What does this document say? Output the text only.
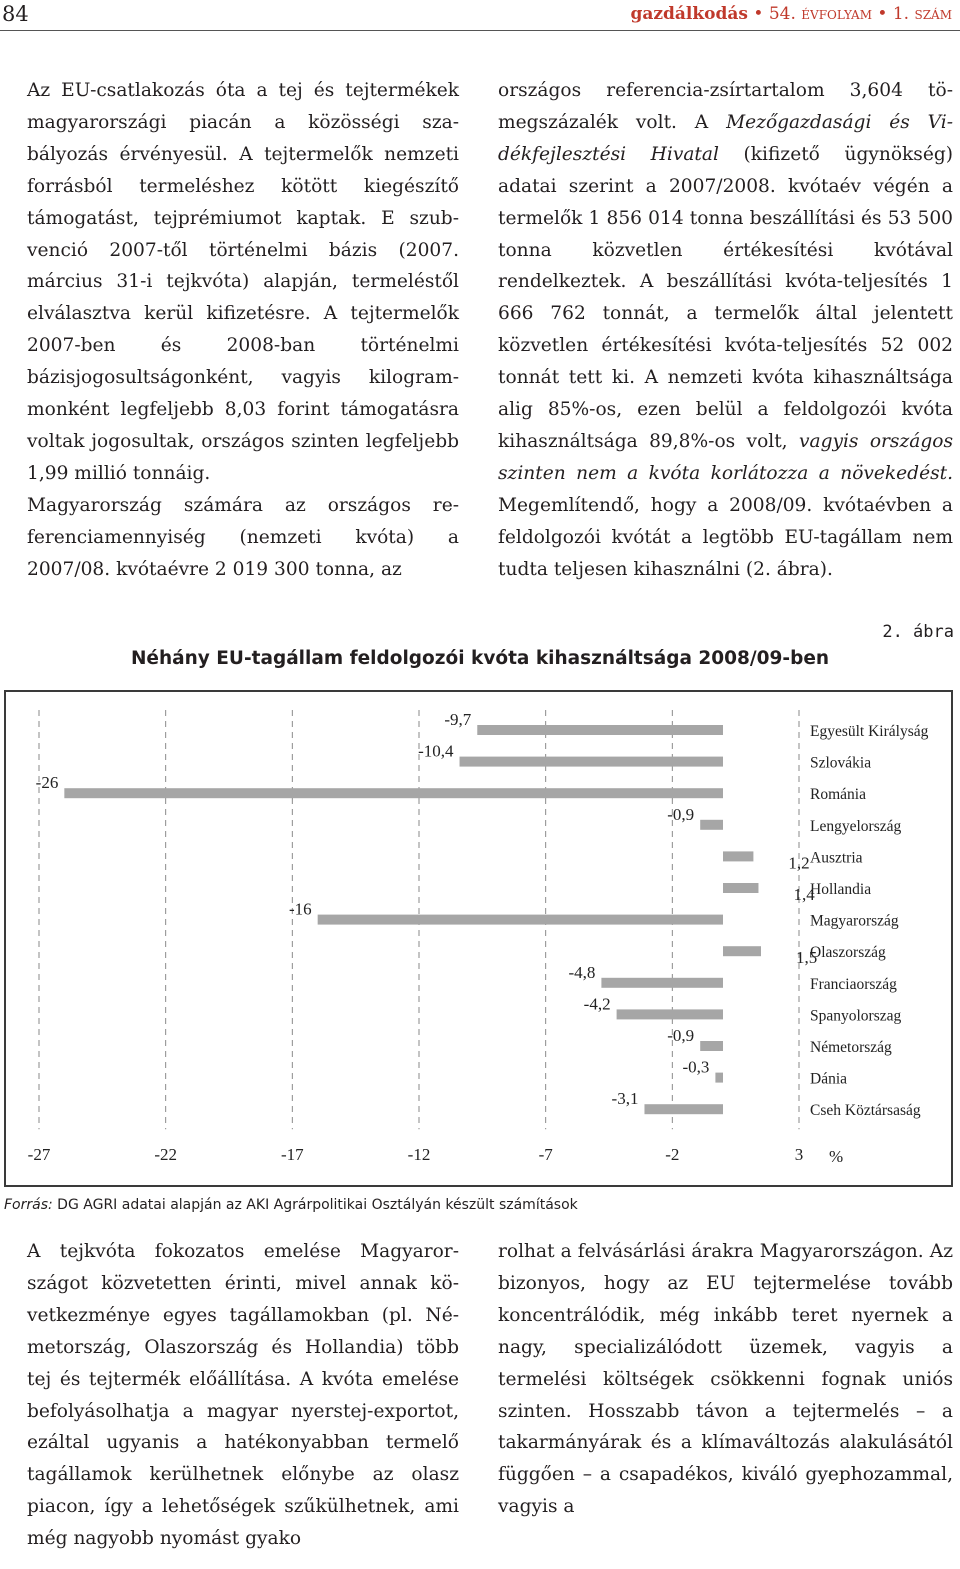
84	gazdálkodás • 54. évfolyam • 1. szám

Az EU-csatlakozás óta a tej és tejtermékek magyarországi piacán a közösségi szabályozás érvényesül. A tejtermelők nemzeti forrásból termeléshez kötött kiegészítő támogatást, tejprémiumot kaptak. E szubvenció 2007-től történelmi bázis (2007. március 31-i tejkvóta) alapján, termeléstől elválasztva kerül kifizetésre. A tejtermelők 2007-ben és 2008-ban történelmi bázisjogosultságonként, vagyis kilogrammonként legfeljebb 8,03 forint támogatásra voltak jogosultak, országos szinten legfeljebb 1,99 millió tonnáig.

Magyarország számára az országos referenciamennyiség (nemzeti kvóta) a 2007/08. kvótaévre 2 019 300 tonna, az

országos referencia-zsírtartalom 3,604 tömegszázalék volt. A Mezőgazdasági és Vidékfejlesztési Hivatal (kifizető ügynökség) adatai szerint a 2007/2008. kvótaév végén a termelők 1 856 014 tonna beszállítási és 53 500 tonna közvetlen értékesítési kvótával rendelkeztek. A beszállítási kvóta-teljesítés 1 666 762 tonnát, a termelők által jelentett közvetlen értékesítési kvóta-teljesítés 52 002 tonnát tett ki. A nemzeti kvóta kihasználtsága alig 85%-os, ezen belül a feldolgozói kvóta kihasználtsága 89,8%-os volt, vagyis országos szinten nem a kvóta korlátozza a növekedést. Megemlítendő, hogy a 2008/09. kvótaévben a feldolgozói kvótát a legtöbb EU-tagállam nem tudta teljesen kihasználni (2. ábra).

2. ábra
Néhány EU-tagállam feldolgozói kvóta kihasználtsága 2008/09-ben
-9,7
Egyesült Királyság
-10,4
Szlovákia
-26
Románia
-0,9
Lengyelország
1,2 Ausztria
1,4
Hollandia
-16
Magyarország
1,5
Olaszország
-4,8
Franciaország
-4,2
Spanyolorszag
-0,9
Németország
-0,3
Dánia
-3,1
Cseh Köztársaság
-27	-22	-17	-12	-7	-2	3 %
Forrás: DG AGRI adatai alapján az AKI Agrárpolitikai Osztályán készült számítások

A tejkvóta fokozatos emelése Magyarországot közvetetten érinti, mivel annak következménye egyes tagállamokban (pl. Németország, Olaszország és Hollandia) több tej és tejtermék előállítása. A kvóta emelése befolyásolhatja a magyar nyerstej-exportot, ezáltal ugyanis a hatékonyabban termelő tagállamok kerülhetnek előnybe az olasz piacon, így a lehetőségek szűkülhetnek, ami még nagyobb nyomást gyako

rolhat a felvásárlási árakra Magyarországon. Az bizonyos, hogy az EU tejtermelése tovább koncentrálódik, még inkább teret nyernek a nagy, specializálódott üzemek, vagyis a termelési költségek csökkenni fognak uniós szinten. Hosszabb távon a tejtermelés – a takarmányárak és a klímaváltozás alakulásától függően – a csapadékos, kiváló gyephozammal, vagyis a
